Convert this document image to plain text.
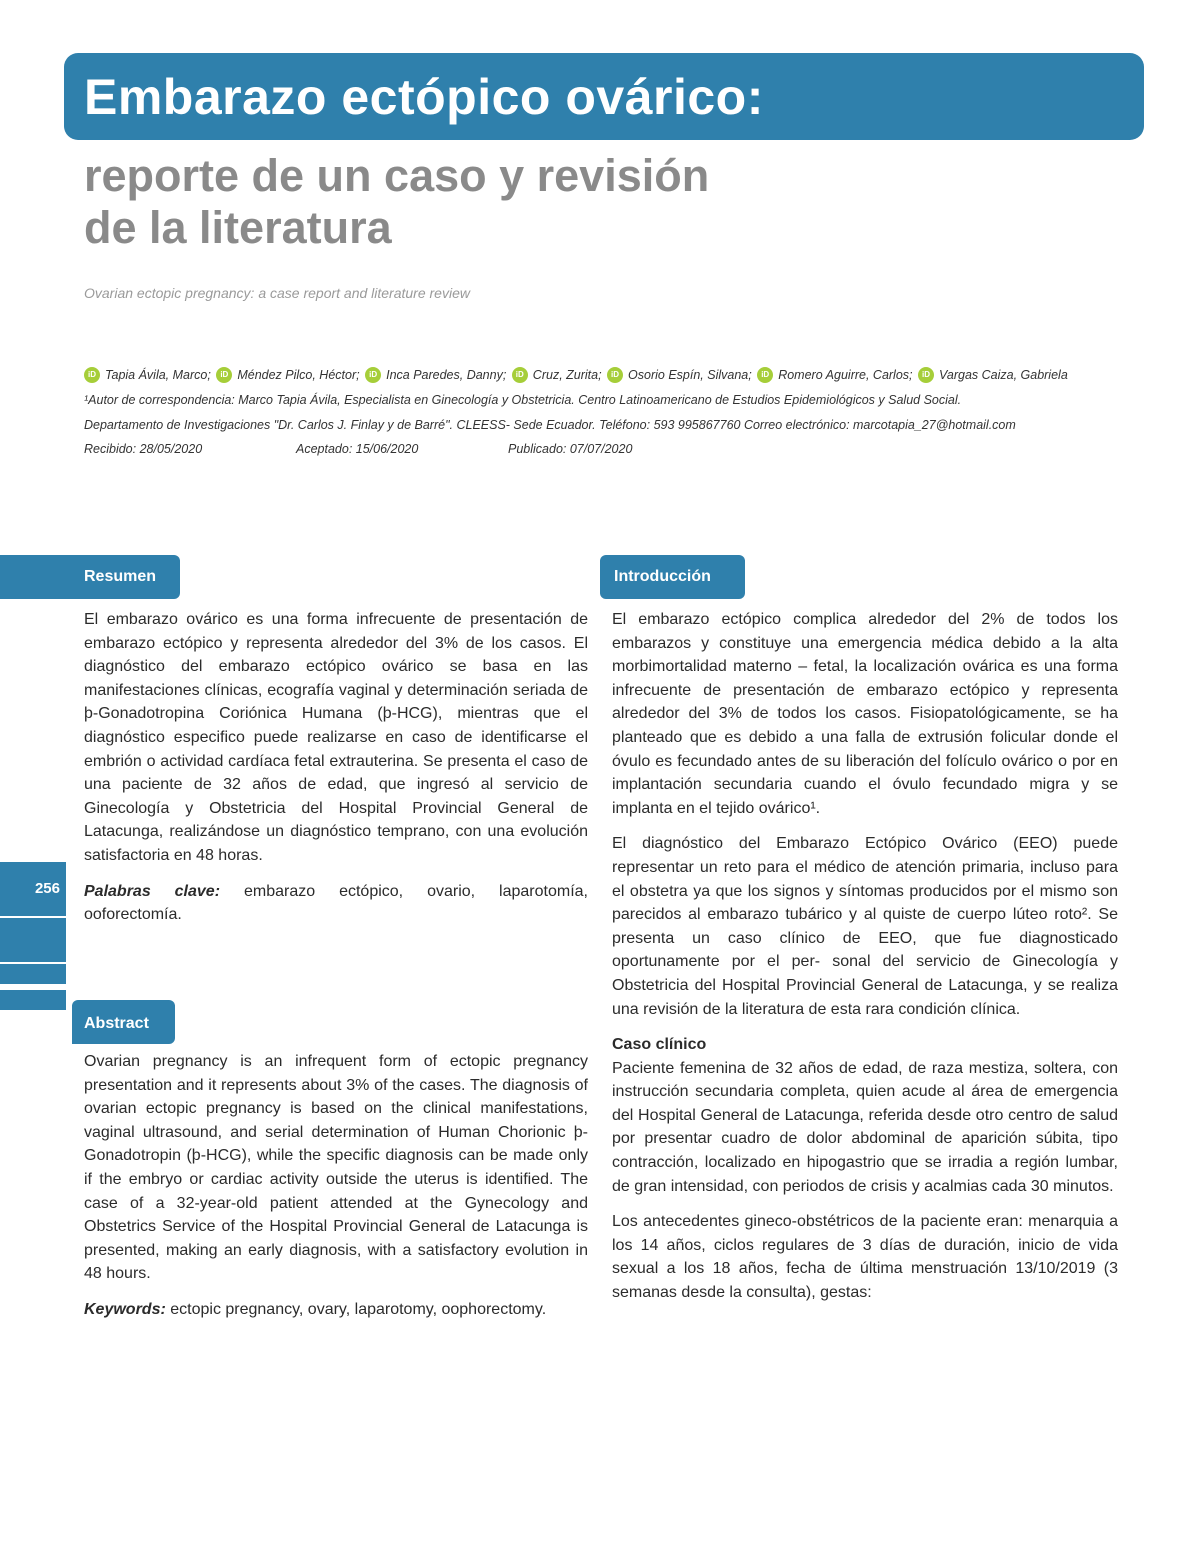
Embarazo ectópico ovárico:
reporte de un caso y revisión
de la literatura
Ovarian ectopic pregnancy: a case report and literature review
iD Tapia Ávila, Marco;
	iD Méndez Pilco, Héctor;
	iD Inca Paredes, Danny;
	iD Cruz, Zurita;
	iD Osorio Espín, Silvana;
	iD Romero Aguirre, Carlos;
	iD Vargas Caiza, Gabriela
¹Autor de correspondencia: Marco Tapia Ávila, Especialista en Ginecología y Obstetricia. Centro Latinoamericano de Estudios Epidemiológicos y Salud Social.
Departamento de Investigaciones "Dr. Carlos J. Finlay y de Barré". CLEESS- Sede Ecuador. Teléfono: 593 995867760 Correo electrónico: marcotapia_27@hotmail.com
Recibido: 28/05/2020	Aceptado: 15/06/2020	Publicado: 07/07/2020
Resumen
256
Abstract
Introducción

El embarazo ovárico es una forma infrecuente de presentación de embarazo ectópico y representa alrededor del 3% de los casos. El diagnóstico del embarazo ectópico ovárico se basa en las manifestaciones clínicas, ecografía vaginal y determinación seriada de þ-Gonadotropina Coriónica Humana (þ-HCG), mientras que el diagnóstico especifico puede realizarse en caso de identificarse el embrión o actividad cardíaca fetal extrauterina. Se presenta el caso de una paciente de 32 años de edad, que ingresó al servicio de Ginecología y Obstetricia del Hospital Provincial General de Latacunga, realizándose un diagnóstico temprano, con una evolución satisfactoria en 48 horas.

Palabras clave: embarazo ectópico, ovario, laparotomía, ooforectomía.

Ovarian pregnancy is an infrequent form of ectopic pregnancy presentation and it represents about 3% of the cases. The diagnosis of ovarian ectopic pregnancy is based on the clinical manifestations, vaginal ultrasound, and serial determination of Human Chorionic þ-Gonadotropin (þ-HCG), while the specific diagnosis can be made only if the embryo or cardiac activity outside the uterus is identified. The case of a 32-year-old patient attended at the Gynecology and Obstetrics Service of the Hospital Provincial General de Latacunga is presented, making an early diagnosis, with a satisfactory evolution in 48 hours.

Keywords: ectopic pregnancy, ovary, laparotomy, oophorectomy.

El embarazo ectópico complica alrededor del 2% de todos los embarazos y constituye una emergencia médica debido a la alta morbimortalidad materno – fetal, la localización ovárica es una forma infrecuente de presentación de embarazo ectópico y representa alrededor del 3% de todos los casos. Fisiopatológicamente, se ha planteado que es debido a una falla de extrusión folicular donde el óvulo es fecundado antes de su liberación del folículo ovárico o por en implantación secundaria cuando el óvulo fecundado migra y se implanta en el tejido ovárico¹.

El diagnóstico del Embarazo Ectópico Ovárico (EEO) puede representar un reto para el médico de atención primaria, incluso para el obstetra ya que los signos y síntomas producidos por el mismo son parecidos al embarazo tubárico y al quiste de cuerpo lúteo roto². Se presenta un caso clínico de EEO, que fue diagnosticado oportunamente por el per- sonal del servicio de Ginecología y Obstetricia del Hospital Provincial General de Latacunga, y se realiza una revisión de la literatura de esta rara condición clínica.

Caso clínico
Paciente femenina de 32 años de edad, de raza mestiza, soltera, con instrucción secundaria completa, quien acude al área de emergencia del Hospital General de Latacunga, referida desde otro centro de salud por presentar cuadro de dolor abdominal de aparición súbita, tipo contracción, localizado en hipogastrio que se irradia a región lumbar, de gran intensidad, con periodos de crisis y acalmias cada 30 minutos.

Los antecedentes gineco-obstétricos de la paciente eran: menarquia a los 14 años, ciclos regulares de 3 días de duración, inicio de vida sexual a los 18 años, fecha de última menstruación 13/10/2019 (3 semanas desde la consulta), gestas:
